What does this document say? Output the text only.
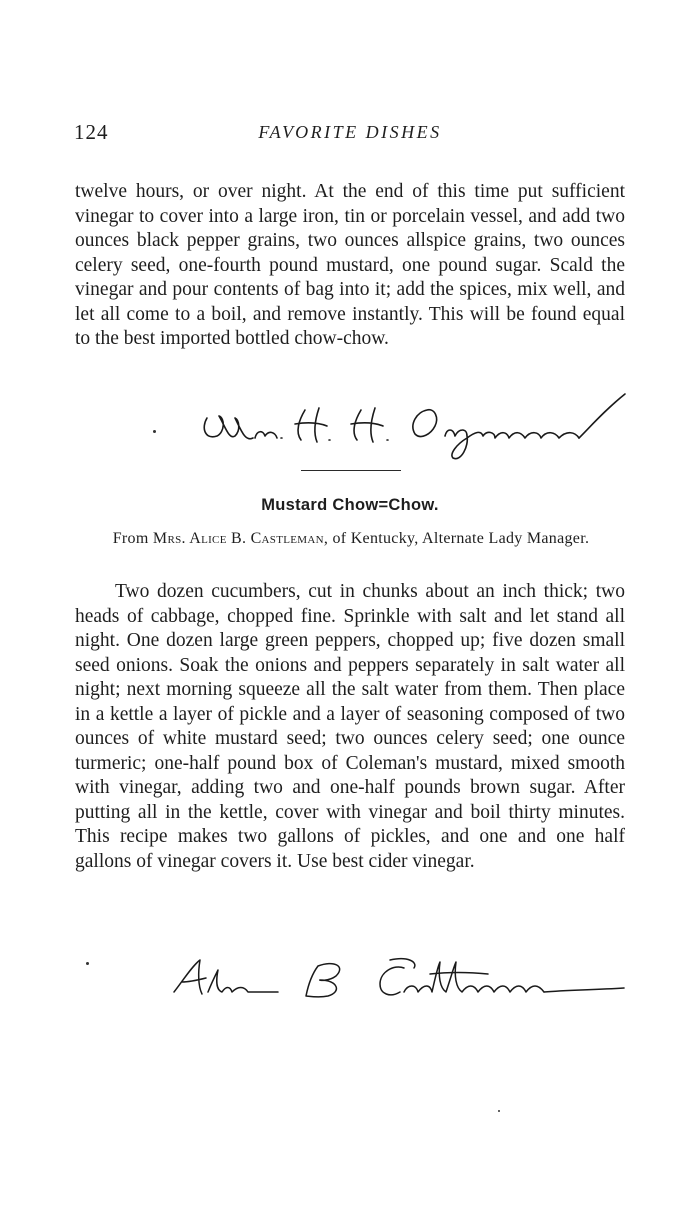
124	FAVORITE DISHES

twelve hours, or over night. At the end of this time put sufficient vinegar to cover into a large iron, tin or porcelain vessel, and add two ounces black pepper grains, two ounces allspice grains, two ounces celery seed, one-fourth pound mustard, one pound sugar. Scald the vinegar and pour contents of bag into it; add the spices, mix well, and let all come to a boil, and remove instantly. This will be found equal to the best imported bottled chow-chow.

Mustard Chow=Chow.
From Mrs. Alice B. Castleman, of Kentucky, Alternate Lady Manager.

Two dozen cucumbers, cut in chunks about an inch thick; two heads of cabbage, chopped fine. Sprinkle with salt and let stand all night. One dozen large green peppers, chopped up; five dozen small seed onions. Soak the onions and peppers separately in salt water all night; next morning squeeze all the salt water from them. Then place in a kettle a layer of pickle and a layer of seasoning composed of two ounces of white mustard seed; two ounces celery seed; one ounce turmeric; one-half pound box of Coleman's mustard, mixed smooth with vinegar, adding two and one-half pounds brown sugar. After putting all in the kettle, cover with vinegar and boil thirty minutes. This recipe makes two gallons of pickles, and one and one half gallons of vinegar covers it. Use best cider vinegar.
